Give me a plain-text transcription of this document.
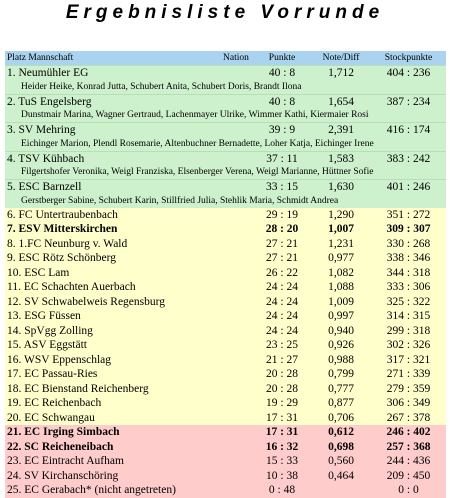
Ergebnisliste Vorrunde
Platz Mannschaft Nation	Punkte	Note/Diff	Stockpunkte
1. Neumühler EG	40 : 8	1,712	404 : 236
Heider Heike, Konrad Jutta, Schubert Anita, Schubert Doris, Brandt Ilona			
2. TuS Engelsberg	40 : 8	1,654	387 : 234
Dunstmair Marina, Wagner Gertraud, Lachenmayer Ulrike, Wimmer Kathi, Kiermaier Rosi			
3. SV Mehring	39 : 9	2,391	416 : 174
Eichinger Marion, Plendl Rosemarie, Altenbuchner Bernadette, Loher Katja, Eichinger Irene			
4. TSV Kühbach	37 : 11	1,583	383 : 242
Filgertshofer Veronika, Weigl Franziska, Elsenberger Verena, Weigl Marianne, Hüttner Sofie			
5. ESC Barnzell	33 : 15	1,630	401 : 246
Gerstberger Sabine, Schubert Karin, Stillfried Julia, Stehlik Maria, Schmidt Andrea			
6. FC Untertraubenbach	29 : 19	1,290	351 : 272
7. ESV Mitterskirchen	28 : 20	1,007	309 : 307
8. 1.FC Neunburg v. Wald	27 : 21	1,231	330 : 268
9. ESC Rötz Schönberg	27 : 21	0,977	338 : 346
10. ESC Lam	26 : 22	1,082	344 : 318
11. EC Schachten Auerbach	24 : 24	1,088	333 : 306
12. SV Schwabelweis Regensburg	24 : 24	1,009	325 : 322
13. ESG Füssen	24 : 24	0,997	314 : 315
14. SpVgg Zolling	24 : 24	0,940	299 : 318
15. ASV Eggstätt	23 : 25	0,926	302 : 326
16. WSV Eppenschlag	21 : 27	0,988	317 : 321
17. EC Passau-Ries	20 : 28	0,799	271 : 339
18. EC Bienstand Reichenberg	20 : 28	0,777	279 : 359
19. EC Reichenbach	19 : 29	0,877	306 : 349
20. EC Schwangau	17 : 31	0,706	267 : 378
21. EC Irging Simbach	17 : 31	0,612	246 : 402
22. SC Reicheneibach	16 : 32	0,698	257 : 368
23. EC Eintracht Aufham	15 : 33	0,560	244 : 436
24. SV Kirchanschöring	10 : 38	0,464	209 : 450
25. EC Gerabach* (nicht angetreten)	0 : 48		0 : 0
